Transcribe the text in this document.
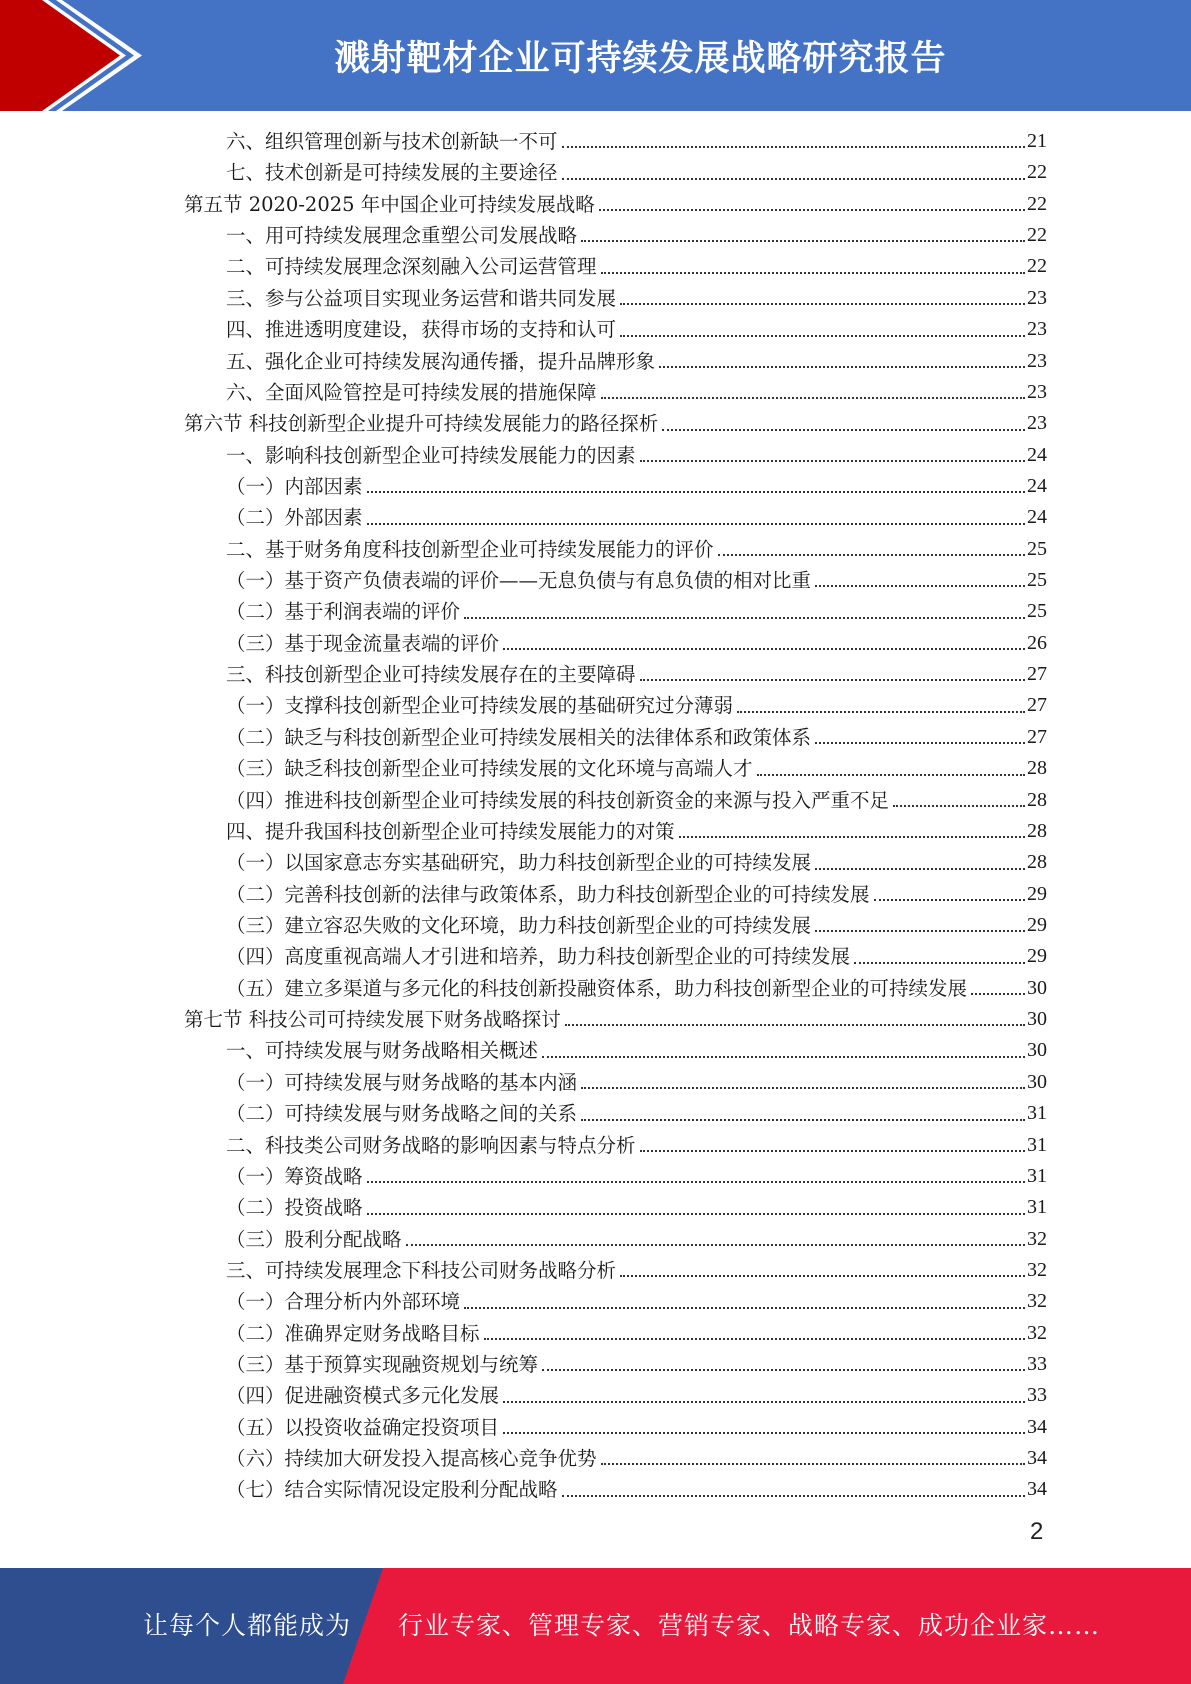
溅射靶材企业可持续发展战略研究报告
六、组织管理创新与技术创新缺一不可	21
七、技术创新是可持续发展的主要途径	22
第五节 2020-2025 年中国企业可持续发展战略	22
一、用可持续发展理念重塑公司发展战略	22
二、可持续发展理念深刻融入公司运营管理	22
三、参与公益项目实现业务运营和谐共同发展	23
四、推进透明度建设，获得市场的支持和认可	23
五、强化企业可持续发展沟通传播，提升品牌形象	23
六、全面风险管控是可持续发展的措施保障	23
第六节 科技创新型企业提升可持续发展能力的路径探析	23
一、影响科技创新型企业可持续发展能力的因素	24
（一）内部因素	24
（二）外部因素	24
二、基于财务角度科技创新型企业可持续发展能力的评价	25
（一）基于资产负债表端的评价——无息负债与有息负债的相对比重	25
（二）基于利润表端的评价	25
（三）基于现金流量表端的评价	26
三、科技创新型企业可持续发展存在的主要障碍	27
（一）支撑科技创新型企业可持续发展的基础研究过分薄弱	27
（二）缺乏与科技创新型企业可持续发展相关的法律体系和政策体系	27
（三）缺乏科技创新型企业可持续发展的文化环境与高端人才	28
（四）推进科技创新型企业可持续发展的科技创新资金的来源与投入严重不足	28
四、提升我国科技创新型企业可持续发展能力的对策	28
（一）以国家意志夯实基础研究，助力科技创新型企业的可持续发展	28
（二）完善科技创新的法律与政策体系，助力科技创新型企业的可持续发展	29
（三）建立容忍失败的文化环境，助力科技创新型企业的可持续发展	29
（四）高度重视高端人才引进和培养，助力科技创新型企业的可持续发展	29
（五）建立多渠道与多元化的科技创新投融资体系，助力科技创新型企业的可持续发展	30
第七节 科技公司可持续发展下财务战略探讨	30
一、可持续发展与财务战略相关概述	30
（一）可持续发展与财务战略的基本内涵	30
（二）可持续发展与财务战略之间的关系	31
二、科技类公司财务战略的影响因素与特点分析	31
（一）筹资战略	31
（二）投资战略	31
（三）股利分配战略	32
三、可持续发展理念下科技公司财务战略分析	32
（一）合理分析内外部环境	32
（二）准确界定财务战略目标	32
（三）基于预算实现融资规划与统筹	33
（四）促进融资模式多元化发展	33
（五）以投资收益确定投资项目	34
（六）持续加大研发投入提高核心竞争优势	34
（七）结合实际情况设定股利分配战略	34
2
让每个人都能成为 行业专家、管理专家、营销专家、战略专家、成功企业家……
